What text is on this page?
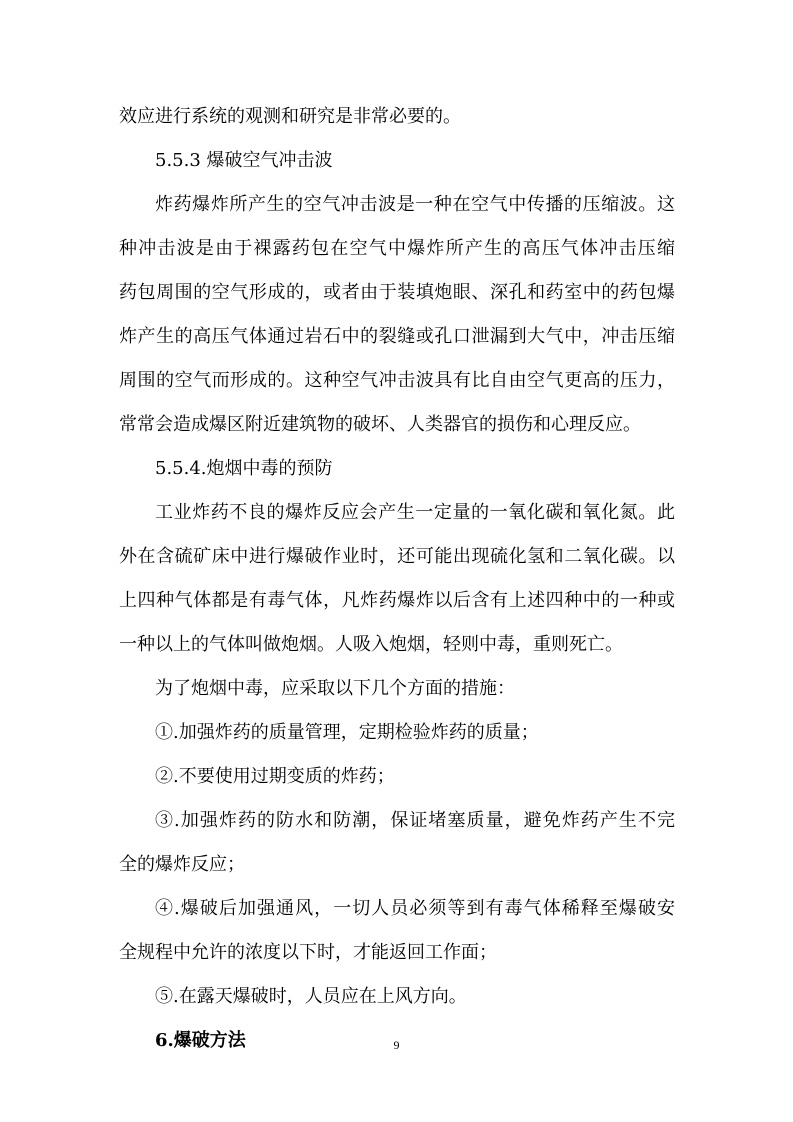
效应进行系统的观测和研究是非常必要的。
5.5.3 爆破空气冲击波
炸药爆炸所产生的空气冲击波是一种在空气中传播的压缩波。这
种冲击波是由于裸露药包在空气中爆炸所产生的高压气体冲击压缩
药包周围的空气形成的，或者由于装填炮眼、深孔和药室中的药包爆
炸产生的高压气体通过岩石中的裂缝或孔口泄漏到大气中，冲击压缩
周围的空气而形成的。这种空气冲击波具有比自由空气更高的压力，
常常会造成爆区附近建筑物的破坏、人类器官的损伤和心理反应。
5.5.4.炮烟中毒的预防
工业炸药不良的爆炸反应会产生一定量的一氧化碳和氧化氮。此
外在含硫矿床中进行爆破作业时，还可能出现硫化氢和二氧化碳。以
上四种气体都是有毒气体，凡炸药爆炸以后含有上述四种中的一种或
一种以上的气体叫做炮烟。人吸入炮烟，轻则中毒，重则死亡。
为了炮烟中毒，应采取以下几个方面的措施：
①.加强炸药的质量管理，定期检验炸药的质量；
②.不要使用过期变质的炸药；
③.加强炸药的防水和防潮，保证堵塞质量，避免炸药产生不完
全的爆炸反应；
④.爆破后加强通风，一切人员必须等到有毒气体稀释至爆破安
全规程中允许的浓度以下时，才能返回工作面；
⑤.在露天爆破时，人员应在上风方向。
6.爆破方法	9
